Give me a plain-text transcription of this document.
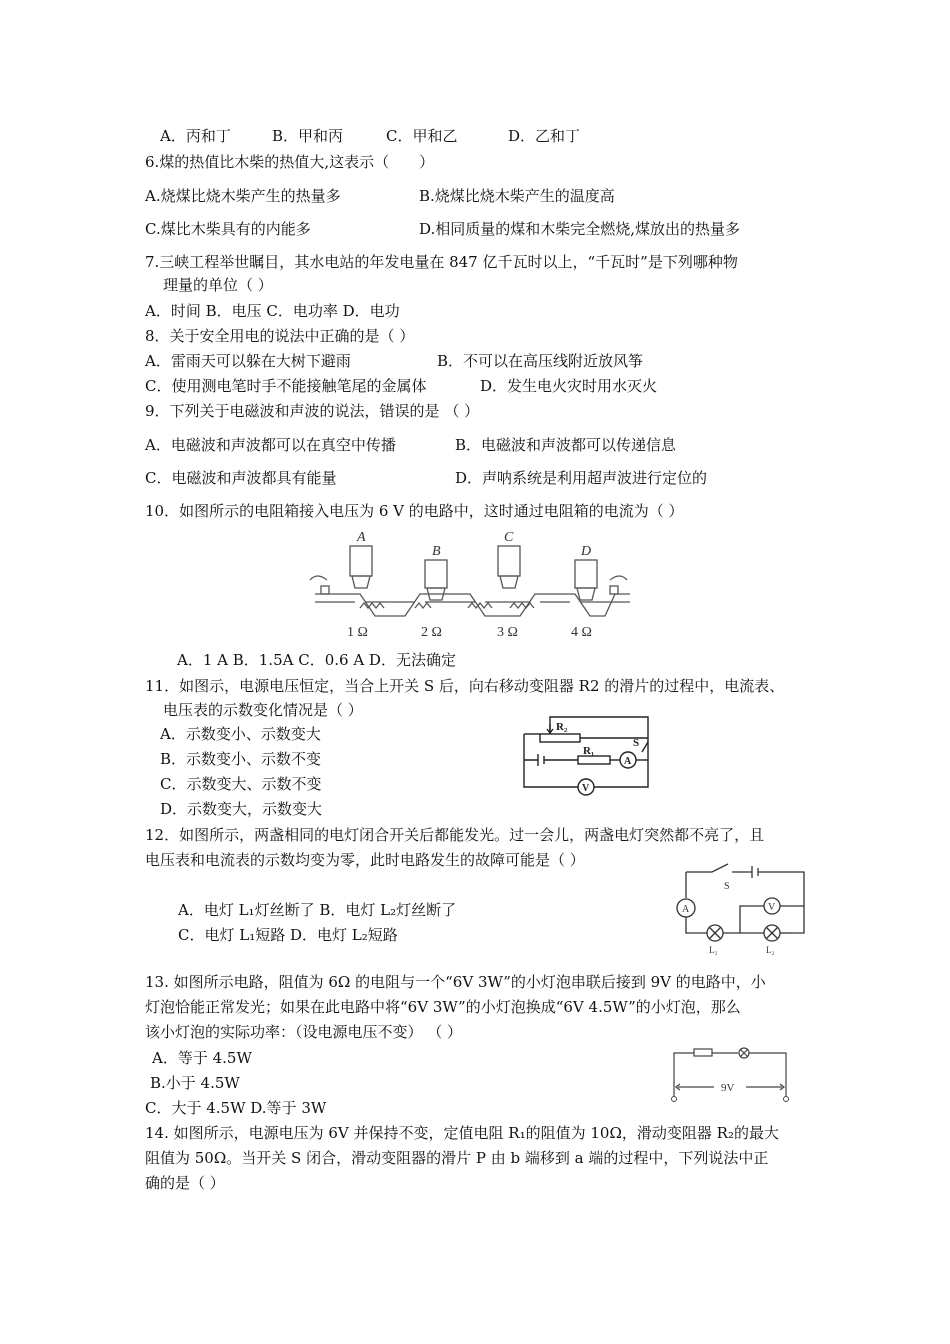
A．丙和丁	B．甲和丙	C．甲和乙	D．乙和丁
6.煤的热值比木柴的热值大,这表示（　　）
A.烧煤比烧木柴产生的热量多	B.烧煤比烧木柴产生的温度高
C.煤比木柴具有的内能多	D.相同质量的煤和木柴完全燃烧,煤放出的热量多
7.三峡工程举世瞩目，其水电站的年发电量在 847 亿千瓦时以上，“千瓦时”是下列哪种物
理量的单位（ ）
A．时间 B．电压 C．电功率 D．电功
8．关于安全用电的说法中正确的是（ ）
A．雷雨天可以躲在大树下避雨	B．不可以在高压线附近放风筝
C．使用测电笔时手不能接触笔尾的金属体	D．发生电火灾时用水灭火
9．下列关于电磁波和声波的说法，错误的是 （ ）
A．电磁波和声波都可以在真空中传播	B．电磁波和声波都可以传递信息
C．电磁波和声波都具有能量	D．声呐系统是利用超声波进行定位的
10．如图所示的电阻箱接入电压为 6 V 的电路中，这时通过电阻箱的电流为（ ）
A
B
C
D
1 Ω	2 Ω	3 Ω	4 Ω
A．1 A B．1.5A C．0.6 A D．无法确定
11．如图示，电源电压恒定，当合上开关 S 后，向右移动变阻器 R2 的滑片的过程中，电流表、
电压表的示数变化情况是（ ）
A．示数变小、示数变大
B．示数变小、示数不变
C．示数变大、示数不变
D．示数变大，示数变大
R₂
R₁
S
A
V
12．如图所示，两盏相同的电灯闭合开关后都能发光。过一会儿，两盏电灯突然都不亮了，且
电压表和电流表的示数均变为零，此时电路发生的故障可能是（ ）
A．电灯 L₁灯丝断了 B．电灯 L₂灯丝断了
C．电灯 L₁短路 D．电灯 L₂短路
S
A	V
L₁	L₂
13. 如图所示电路，阻值为 6Ω 的电阻与一个“6V 3W”的小灯泡串联后接到 9V 的电路中，小
灯泡恰能正常发光；如果在此电路中将“6V 3W”的小灯泡换成“6V 4.5W”的小灯泡，那么
该小灯泡的实际功率：（设电源电压不变） （ ）
A．等于 4.5W
B.小于 4.5W
C．大于 4.5W D.等于 3W
9V
14. 如图所示，电源电压为 6V 并保持不变，定值电阻 R₁的阻值为 10Ω，滑动变阻器 R₂的最大
阻值为 50Ω。当开关 S 闭合，滑动变阻器的滑片 P 由 b 端移到 a 端的过程中，下列说法中正
确的是（ ）
